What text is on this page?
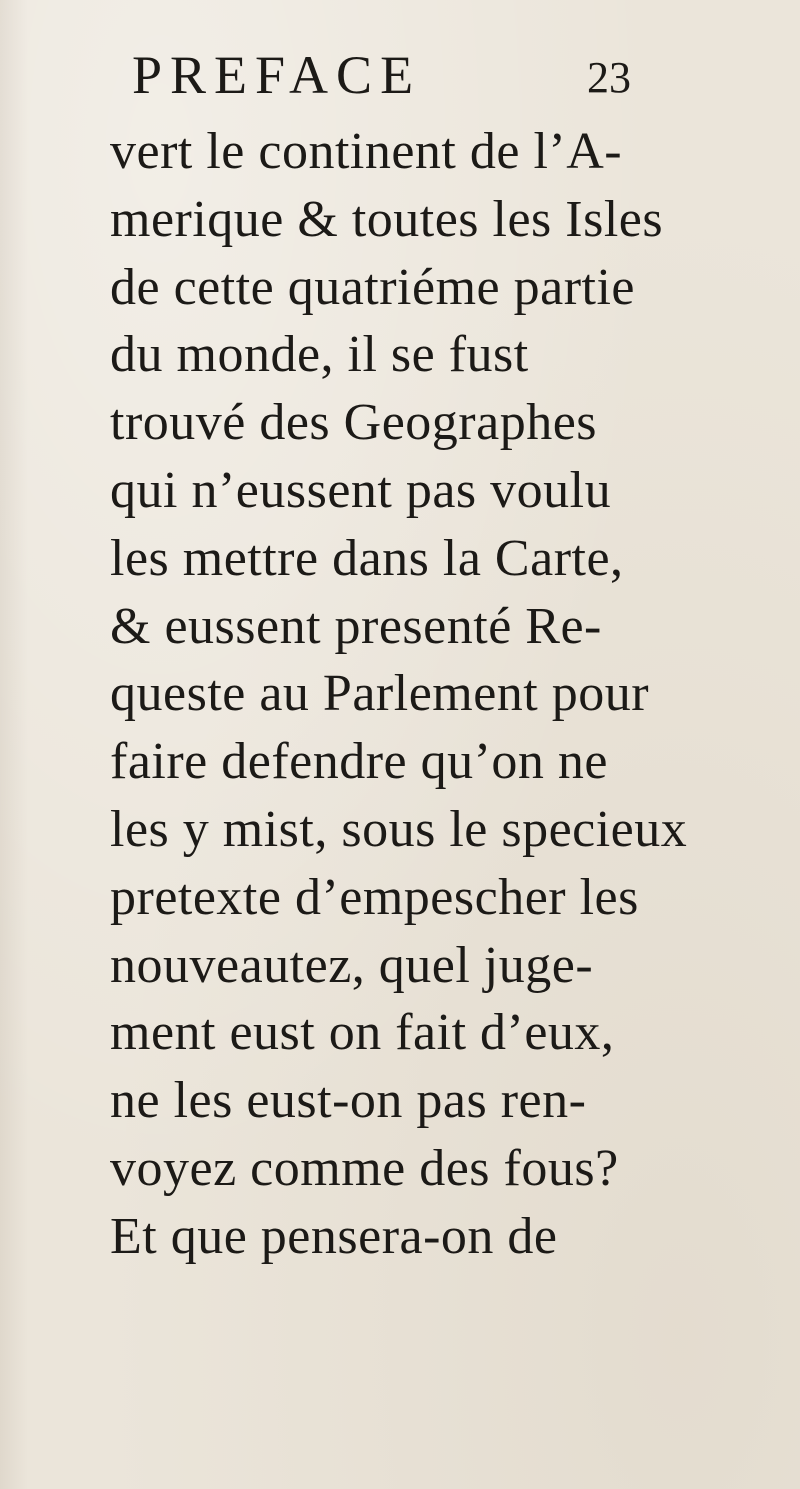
PREFACE	23
vert le continent de l’A-
merique & toutes les Isles
de cette quatriéme partie
du monde, il se fust
trouvé des Geographes
qui n’eussent pas voulu
les mettre dans la Carte,
& eussent presenté Re-
queste au Parlement pour
faire defendre qu’on ne
les y mist, sous le specieux
pretexte d’empescher les
nouveautez, quel juge-
ment eust on fait d’eux,
ne les eust-on pas ren-
voyez comme des fous?
Et que pensera-on de
